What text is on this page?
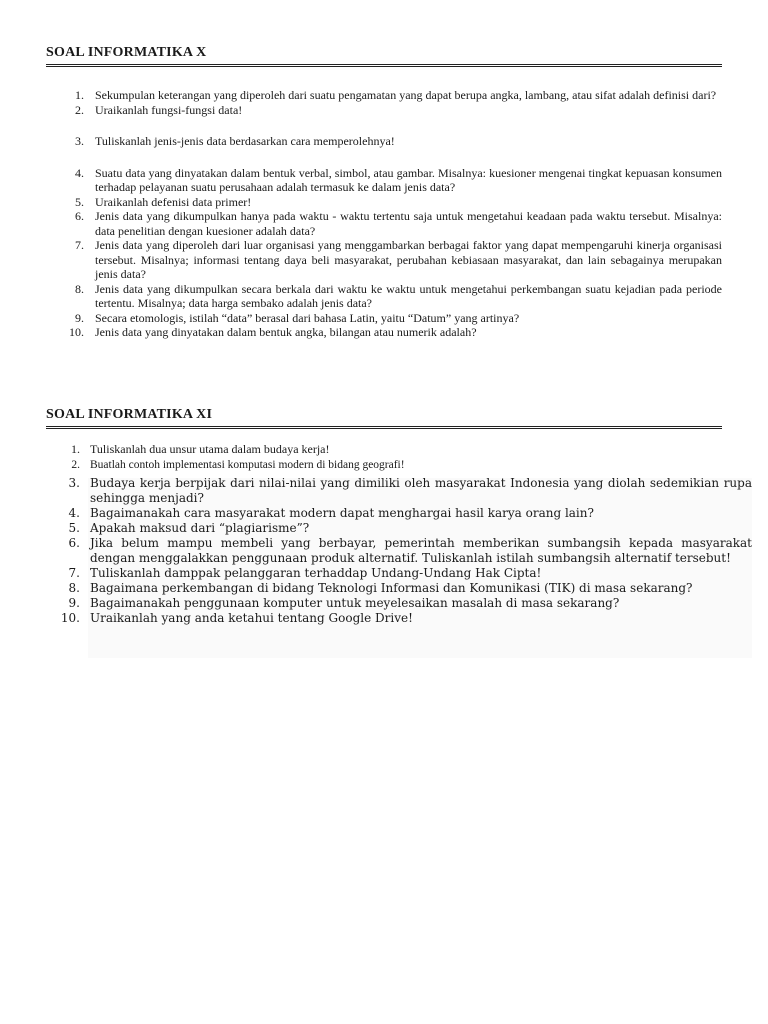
SOAL INFORMATIKA X
1. Sekumpulan keterangan yang diperoleh dari suatu pengamatan yang dapat berupa angka, lambang, atau sifat adalah definisi dari?
2. Uraikanlah fungsi-fungsi data!
3. Tuliskanlah jenis-jenis data berdasarkan cara memperolehnya!
4. Suatu data yang dinyatakan dalam bentuk verbal, simbol, atau gambar. Misalnya: kuesioner mengenai tingkat kepuasan konsumen terhadap pelayanan suatu perusahaan adalah termasuk ke dalam jenis data?
5. Uraikanlah defenisi data primer!
6. Jenis data yang dikumpulkan hanya pada waktu - waktu tertentu saja untuk mengetahui keadaan pada waktu tersebut. Misalnya: data penelitian dengan kuesioner adalah data?
7. Jenis data yang diperoleh dari luar organisasi yang menggambarkan berbagai faktor yang dapat mempengaruhi kinerja organisasi tersebut. Misalnya; informasi tentang daya beli masyarakat, perubahan kebiasaan masyarakat, dan lain sebagainya merupakan jenis data?
8. Jenis data yang dikumpulkan secara berkala dari waktu ke waktu untuk mengetahui perkembangan suatu kejadian pada periode tertentu. Misalnya; data harga sembako adalah jenis data?
9. Secara etomologis, istilah “data” berasal dari bahasa Latin, yaitu “Datum” yang artinya?
10. Jenis data yang dinyatakan dalam bentuk angka, bilangan atau numerik adalah?
SOAL INFORMATIKA XI
1. Tuliskanlah dua unsur utama dalam budaya kerja!
2. Buatlah contoh implementasi komputasi modern di bidang geografi!
3. Budaya kerja berpijak dari nilai-nilai yang dimiliki oleh masyarakat Indonesia yang diolah sedemikian rupa sehingga menjadi?
4. Bagaimanakah cara masyarakat modern dapat menghargai hasil karya orang lain?
5. Apakah maksud dari “plagiarisme”?
6. Jika belum mampu membeli yang berbayar, pemerintah memberikan sumbangsih kepada masyarakat dengan menggalakkan penggunaan produk alternatif. Tuliskanlah istilah sumbangsih alternatif tersebut!
7. Tuliskanlah damppak pelanggaran terhaddap Undang-Undang Hak Cipta!
8. Bagaimana perkembangan di bidang Teknologi Informasi dan Komunikasi (TIK) di masa sekarang?
9. Bagaimanakah penggunaan komputer untuk meyelesaikan masalah di masa sekarang?
10. Uraikanlah yang anda ketahui tentang Google Drive!
